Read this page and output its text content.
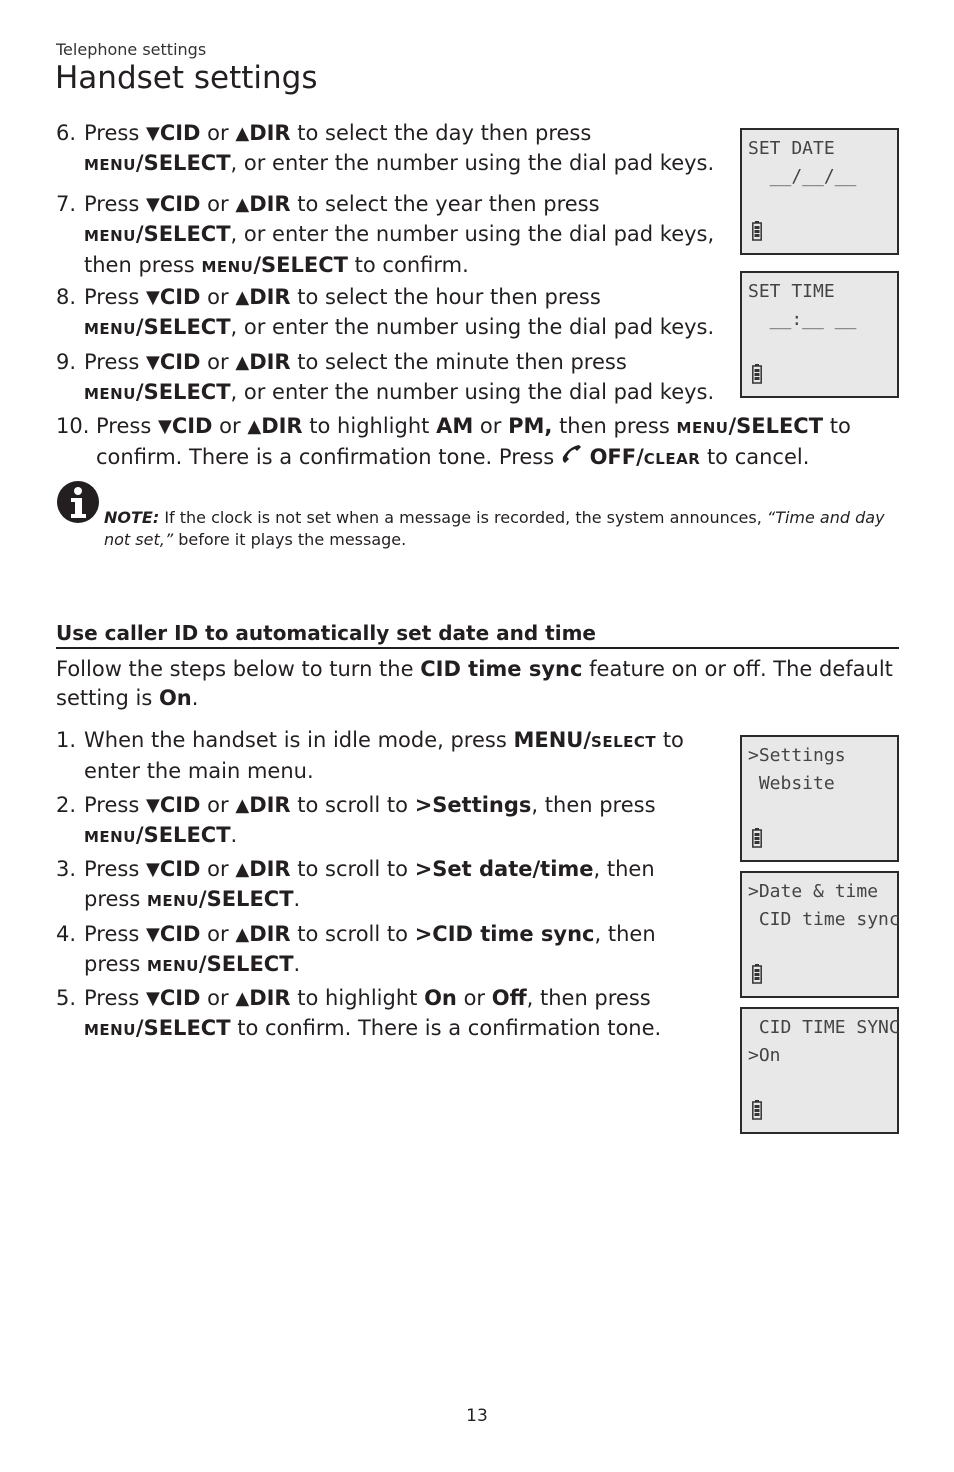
Telephone settings
Handset settings
6. Press ▼CID or ▲DIR to select the day then press
MENU/SELECT, or enter the number using the dial pad keys.
7. Press ▼CID or ▲DIR to select the year then press
MENU/SELECT, or enter the number using the dial pad keys,
then press MENU/SELECT to confirm.
8. Press ▼CID or ▲DIR to select the hour then press
MENU/SELECT, or enter the number using the dial pad keys.
9. Press ▼CID or ▲DIR to select the minute then press
MENU/SELECT, or enter the number using the dial pad keys.
10. Press ▼CID or ▲DIR to highlight AM or PM, then press MENU/SELECT to
confirm. There is a confirmation tone. Press OFF/CLEAR to cancel.
SET DATE
__/__/__
SET TIME
__:__ __
NOTE: If the clock is not set when a message is recorded, the system announces, “Time and day not set,” before it plays the message.
Use caller ID to automatically set date and time
Follow the steps below to turn the CID time sync feature on or off. The default setting is On.
1. When the handset is in idle mode, press MENU/SELECT to
enter the main menu.
2. Press ▼CID or ▲DIR to scroll to >Settings, then press
MENU/SELECT.
3. Press ▼CID or ▲DIR to scroll to >Set date/time, then
press MENU/SELECT.
4. Press ▼CID or ▲DIR to scroll to >CID time sync, then
press MENU/SELECT.
5. Press ▼CID or ▲DIR to highlight On or Off, then press
MENU/SELECT to confirm. There is a confirmation tone.
>Settings
Website
>Date & time
CID time sync
CID TIME SYNC
>On
13
